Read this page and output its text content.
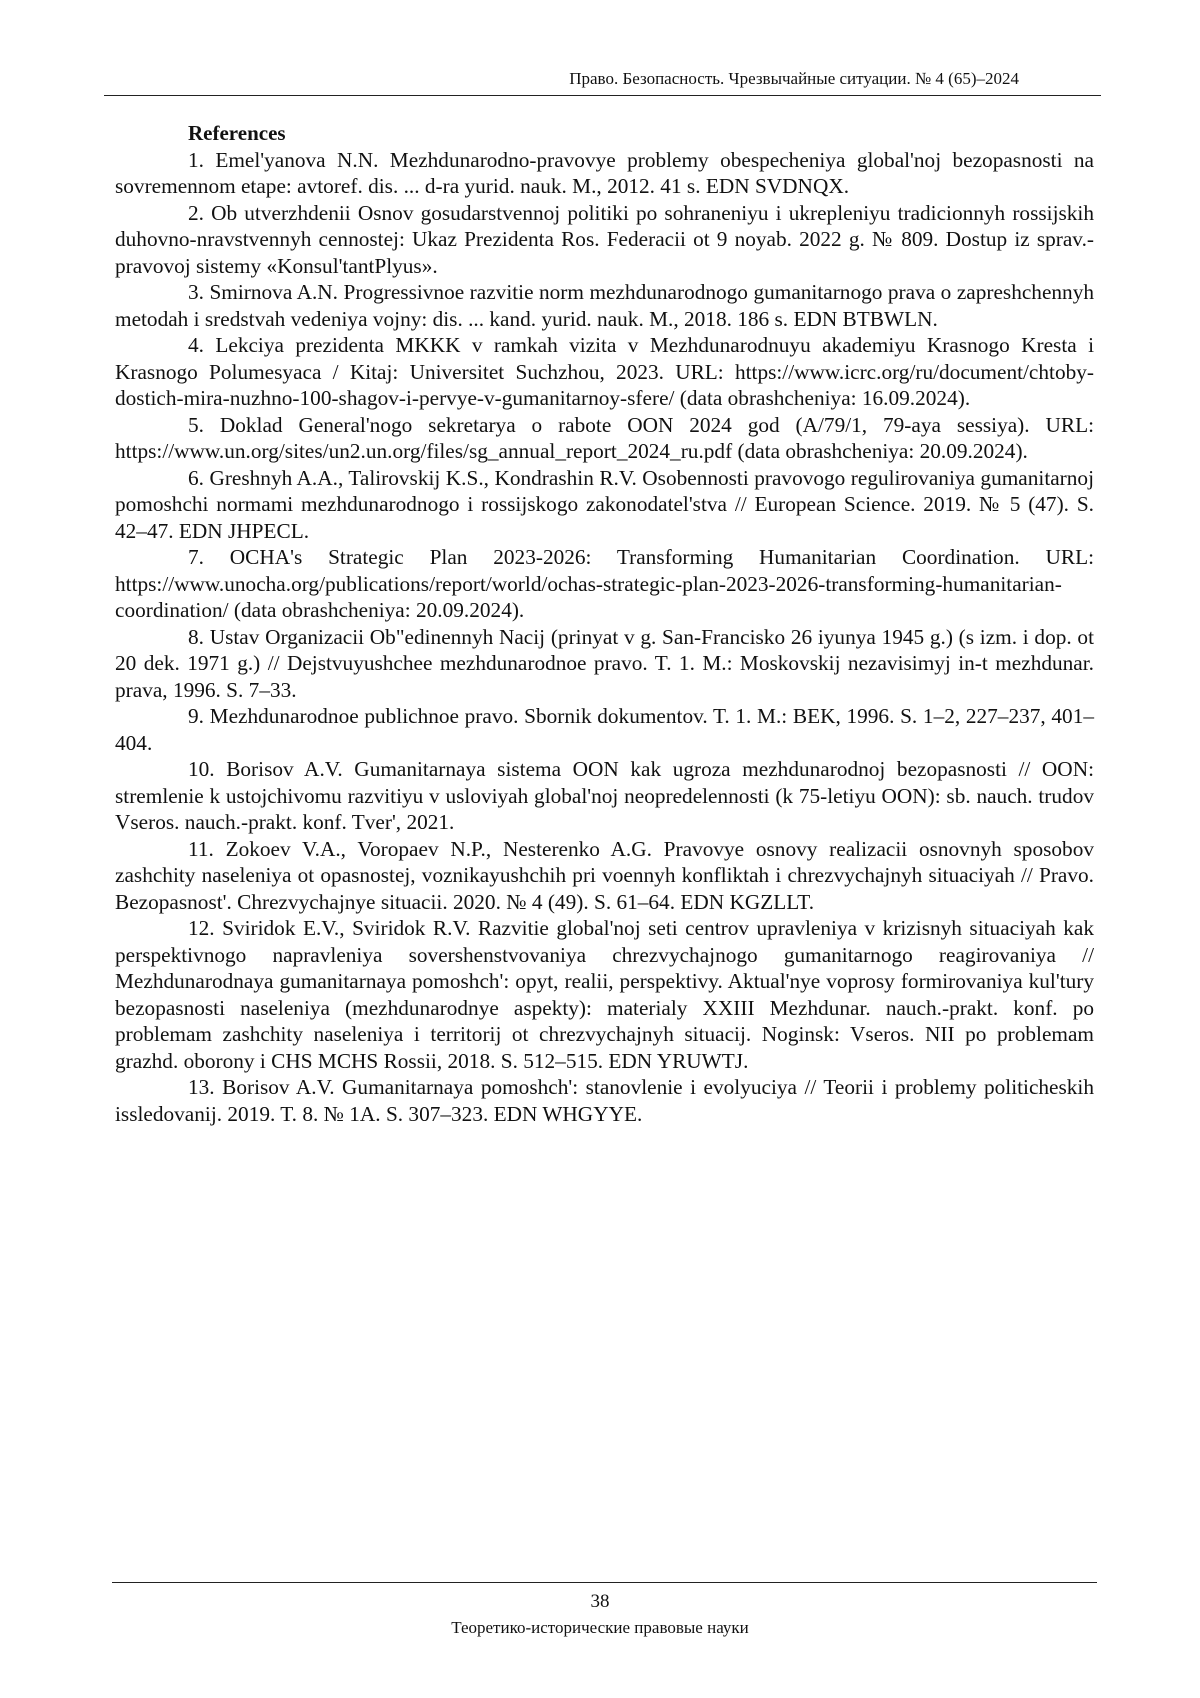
Право. Безопасность. Чрезвычайные ситуации. № 4 (65)–2024

References

1. Emel'yanova N.N. Mezhdunarodno-pravovye problemy obespecheniya global'noj bezopasnosti na sovremennom etape: avtoref. dis. ... d-ra yurid. nauk. M., 2012. 41 s. EDN SVDNQX.

2. Ob utverzhdenii Osnov gosudarstvennoj politiki po sohraneniyu i ukrepleniyu tradicionnyh rossijskih duhovno-nravstvennyh cennostej: Ukaz Prezidenta Ros. Federacii ot 9 noyab. 2022 g. № 809. Dostup iz sprav.-pravovoj sistemy «Konsul'tantPlyus».

3. Smirnova A.N. Progressivnoe razvitie norm mezhdunarodnogo gumanitarnogo prava o zapreshchennyh metodah i sredstvah vedeniya vojny: dis. ... kand. yurid. nauk. M., 2018. 186 s. EDN BTBWLN.

4. Lekciya prezidenta MKKK v ramkah vizita v Mezhdunarodnuyu akademiyu Krasnogo Kresta i Krasnogo Polumesyaca / Kitaj: Universitet Suchzhou, 2023. URL: https://www.icrc.org/ru/document/chtoby-dostich-mira-nuzhno-100-shagov-i-pervye-v-gumanitarnoy-sfere/ (data obrashcheniya: 16.09.2024).

5. Doklad General'nogo sekretarya o rabote OON 2024 god (A/79/1, 79-aya sessiya). URL: https://www.un.org/sites/un2.un.org/files/sg_annual_report_2024_ru.pdf (data obrashcheniya: 20.09.2024).

6. Greshnyh A.A., Talirovskij K.S., Kondrashin R.V. Osobennosti pravovogo regulirovaniya gumanitarnoj pomoshchi normami mezhdunarodnogo i rossijskogo zakonodatel'stva // European Science. 2019. № 5 (47). S. 42–47. EDN JHPECL.

7. OCHA's Strategic Plan 2023-2026: Transforming Humanitarian Coordination. URL: https://www.unocha.org/publications/report/world/ochas-strategic-plan-2023-2026-transforming-humanitarian-coordination/ (data obrashcheniya: 20.09.2024).

8. Ustav Organizacii Ob"edinennyh Nacij (prinyat v g. San-Francisko 26 iyunya 1945 g.) (s izm. i dop. ot 20 dek. 1971 g.) // Dejstvuyushchee mezhdunarodnoe pravo. T. 1. M.: Moskovskij nezavisimyj in-t mezhdunar. prava, 1996. S. 7–33.

9. Mezhdunarodnoe publichnoe pravo. Sbornik dokumentov. T. 1. M.: BEK, 1996. S. 1–2, 227–237, 401–404.

10. Borisov A.V. Gumanitarnaya sistema OON kak ugroza mezhdunarodnoj bezopasnosti // OON: stremlenie k ustojchivomu razvitiyu v usloviyah global'noj neopredelennosti (k 75-letiyu OON): sb. nauch. trudov Vseros. nauch.-prakt. konf. Tver', 2021.

11. Zokoev V.A., Voropaev N.P., Nesterenko A.G. Pravovye osnovy realizacii osnovnyh sposobov zashchity naseleniya ot opasnostej, voznikayushchih pri voennyh konfliktah i chrezvychajnyh situaciyah // Pravo. Bezopasnost'. Chrezvychajnye situacii. 2020. № 4 (49). S. 61–64. EDN KGZLLT.

12. Sviridok E.V., Sviridok R.V. Razvitie global'noj seti centrov upravleniya v krizisnyh situaciyah kak perspektivnogo napravleniya sovershenstvovaniya chrezvychajnogo gumanitarnogo reagirovaniya // Mezhdunarodnaya gumanitarnaya pomoshch': opyt, realii, perspektivy. Aktual'nye voprosy formirovaniya kul'tury bezopasnosti naseleniya (mezhdunarodnye aspekty): materialy XXIII Mezhdunar. nauch.-prakt. konf. po problemam zashchity naseleniya i territorij ot chrezvychajnyh situacij. Noginsk: Vseros. NII po problemam grazhd. oborony i CHS MCHS Rossii, 2018. S. 512–515. EDN YRUWTJ.

13. Borisov A.V. Gumanitarnaya pomoshch': stanovlenie i evolyuciya // Teorii i problemy politicheskih issledovanij. 2019. T. 8. № 1A. S. 307–323. EDN WHGYYE.

38
Теоретико-исторические правовые науки
